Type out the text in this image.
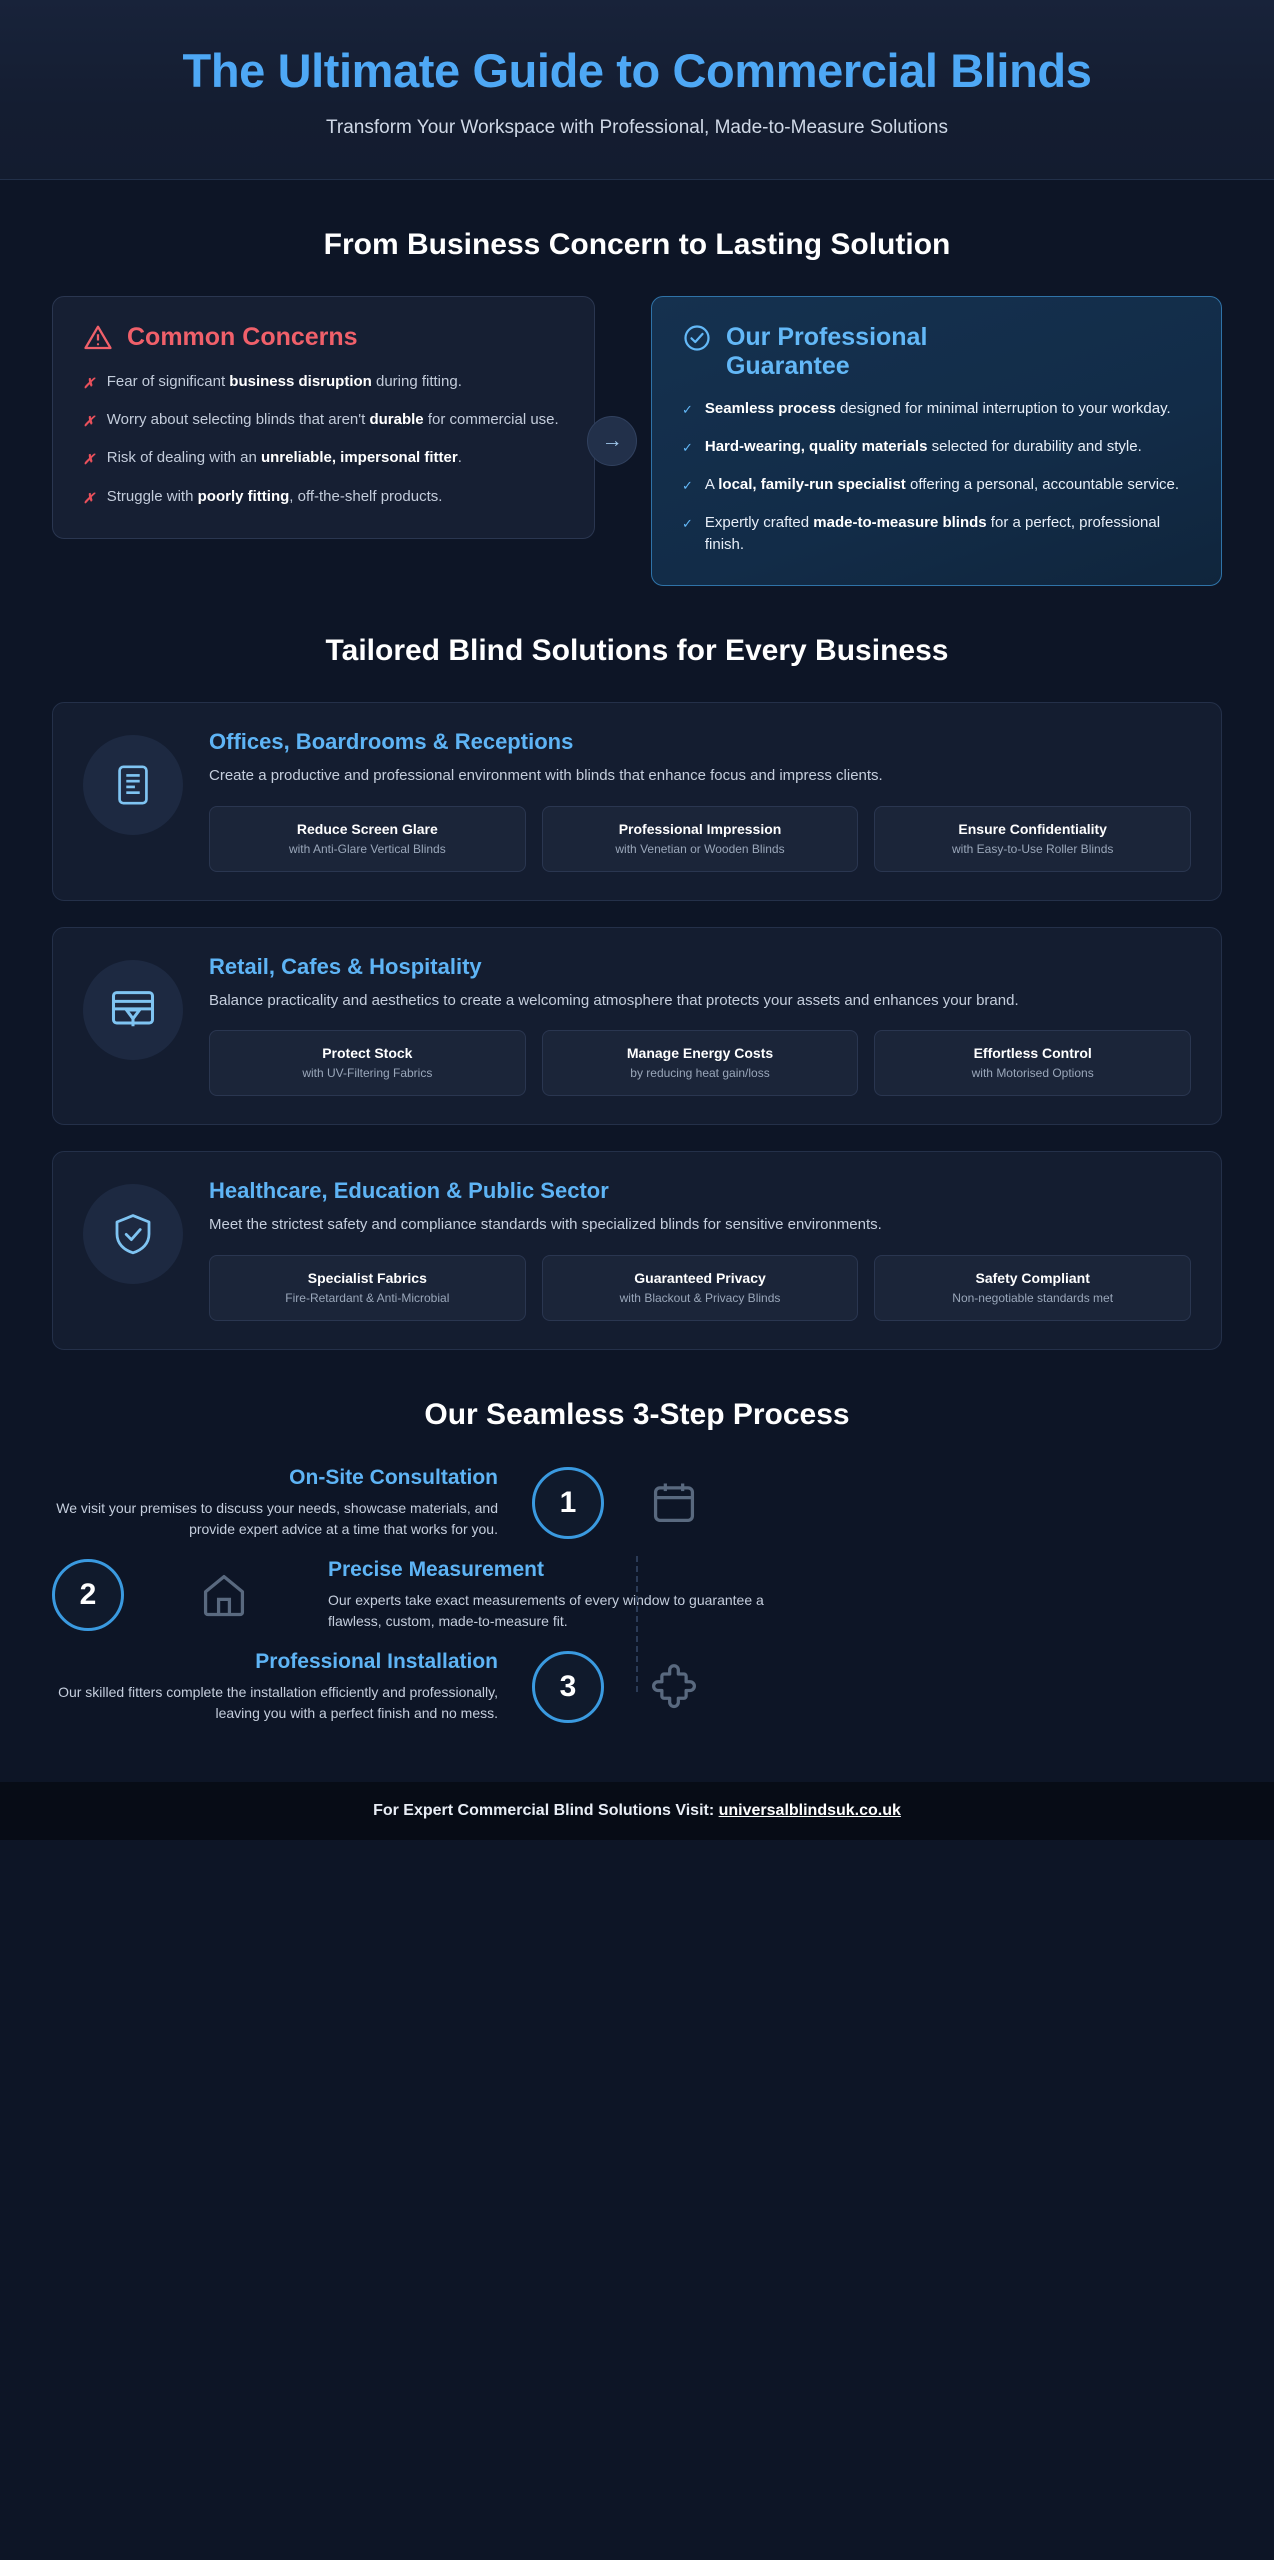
The Ultimate Guide to Commercial Blinds
Transform Your Workspace with Professional, Made-to-Measure Solutions
From Business Concern to Lasting Solution
Common Concerns
✗ Fear of significant business disruption during fitting.
✗ Worry about selecting blinds that aren't durable for commercial use.
✗ Risk of dealing with an unreliable, impersonal fitter.
✗ Struggle with poorly fitting, off-the-shelf products.
→
Our Professional Guarantee
✓ Seamless process designed for minimal interruption to your workday.
✓ Hard-wearing, quality materials selected for durability and style.
✓ A local, family-run specialist offering a personal, accountable service.
✓ Expertly crafted made-to-measure blinds for a perfect, professional finish.
Tailored Blind Solutions for Every Business
Offices, Boardrooms & Receptions
Create a productive and professional environment with blinds that enhance focus and impress clients.
Reduce Screen Glare
with Anti-Glare Vertical Blinds
Professional Impression
with Venetian or Wooden Blinds
Ensure Confidentiality
with Easy-to-Use Roller Blinds
Retail, Cafes & Hospitality
Balance practicality and aesthetics to create a welcoming atmosphere that protects your assets and enhances your brand.
Protect Stock
with UV-Filtering Fabrics
Manage Energy Costs
by reducing heat gain/loss
Effortless Control
with Motorised Options
Healthcare, Education & Public Sector
Meet the strictest safety and compliance standards with specialized blinds for sensitive environments.
Specialist Fabrics
Fire-Retardant & Anti-Microbial
Guaranteed Privacy
with Blackout & Privacy Blinds
Safety Compliant
Non-negotiable standards met
Our Seamless 3-Step Process
On-Site Consultation

We visit your premises to discuss your needs, showcase materials, and provide expert advice at a time that works for you.

1
2
Precise Measurement

Our experts take exact measurements of every window to guarantee a flawless, custom, made-to-measure fit.

Professional Installation

Our skilled fitters complete the installation efficiently and professionally, leaving you with a perfect finish and no mess.

3
For Expert Commercial Blind Solutions Visit: universalblindsuk.co.uk
